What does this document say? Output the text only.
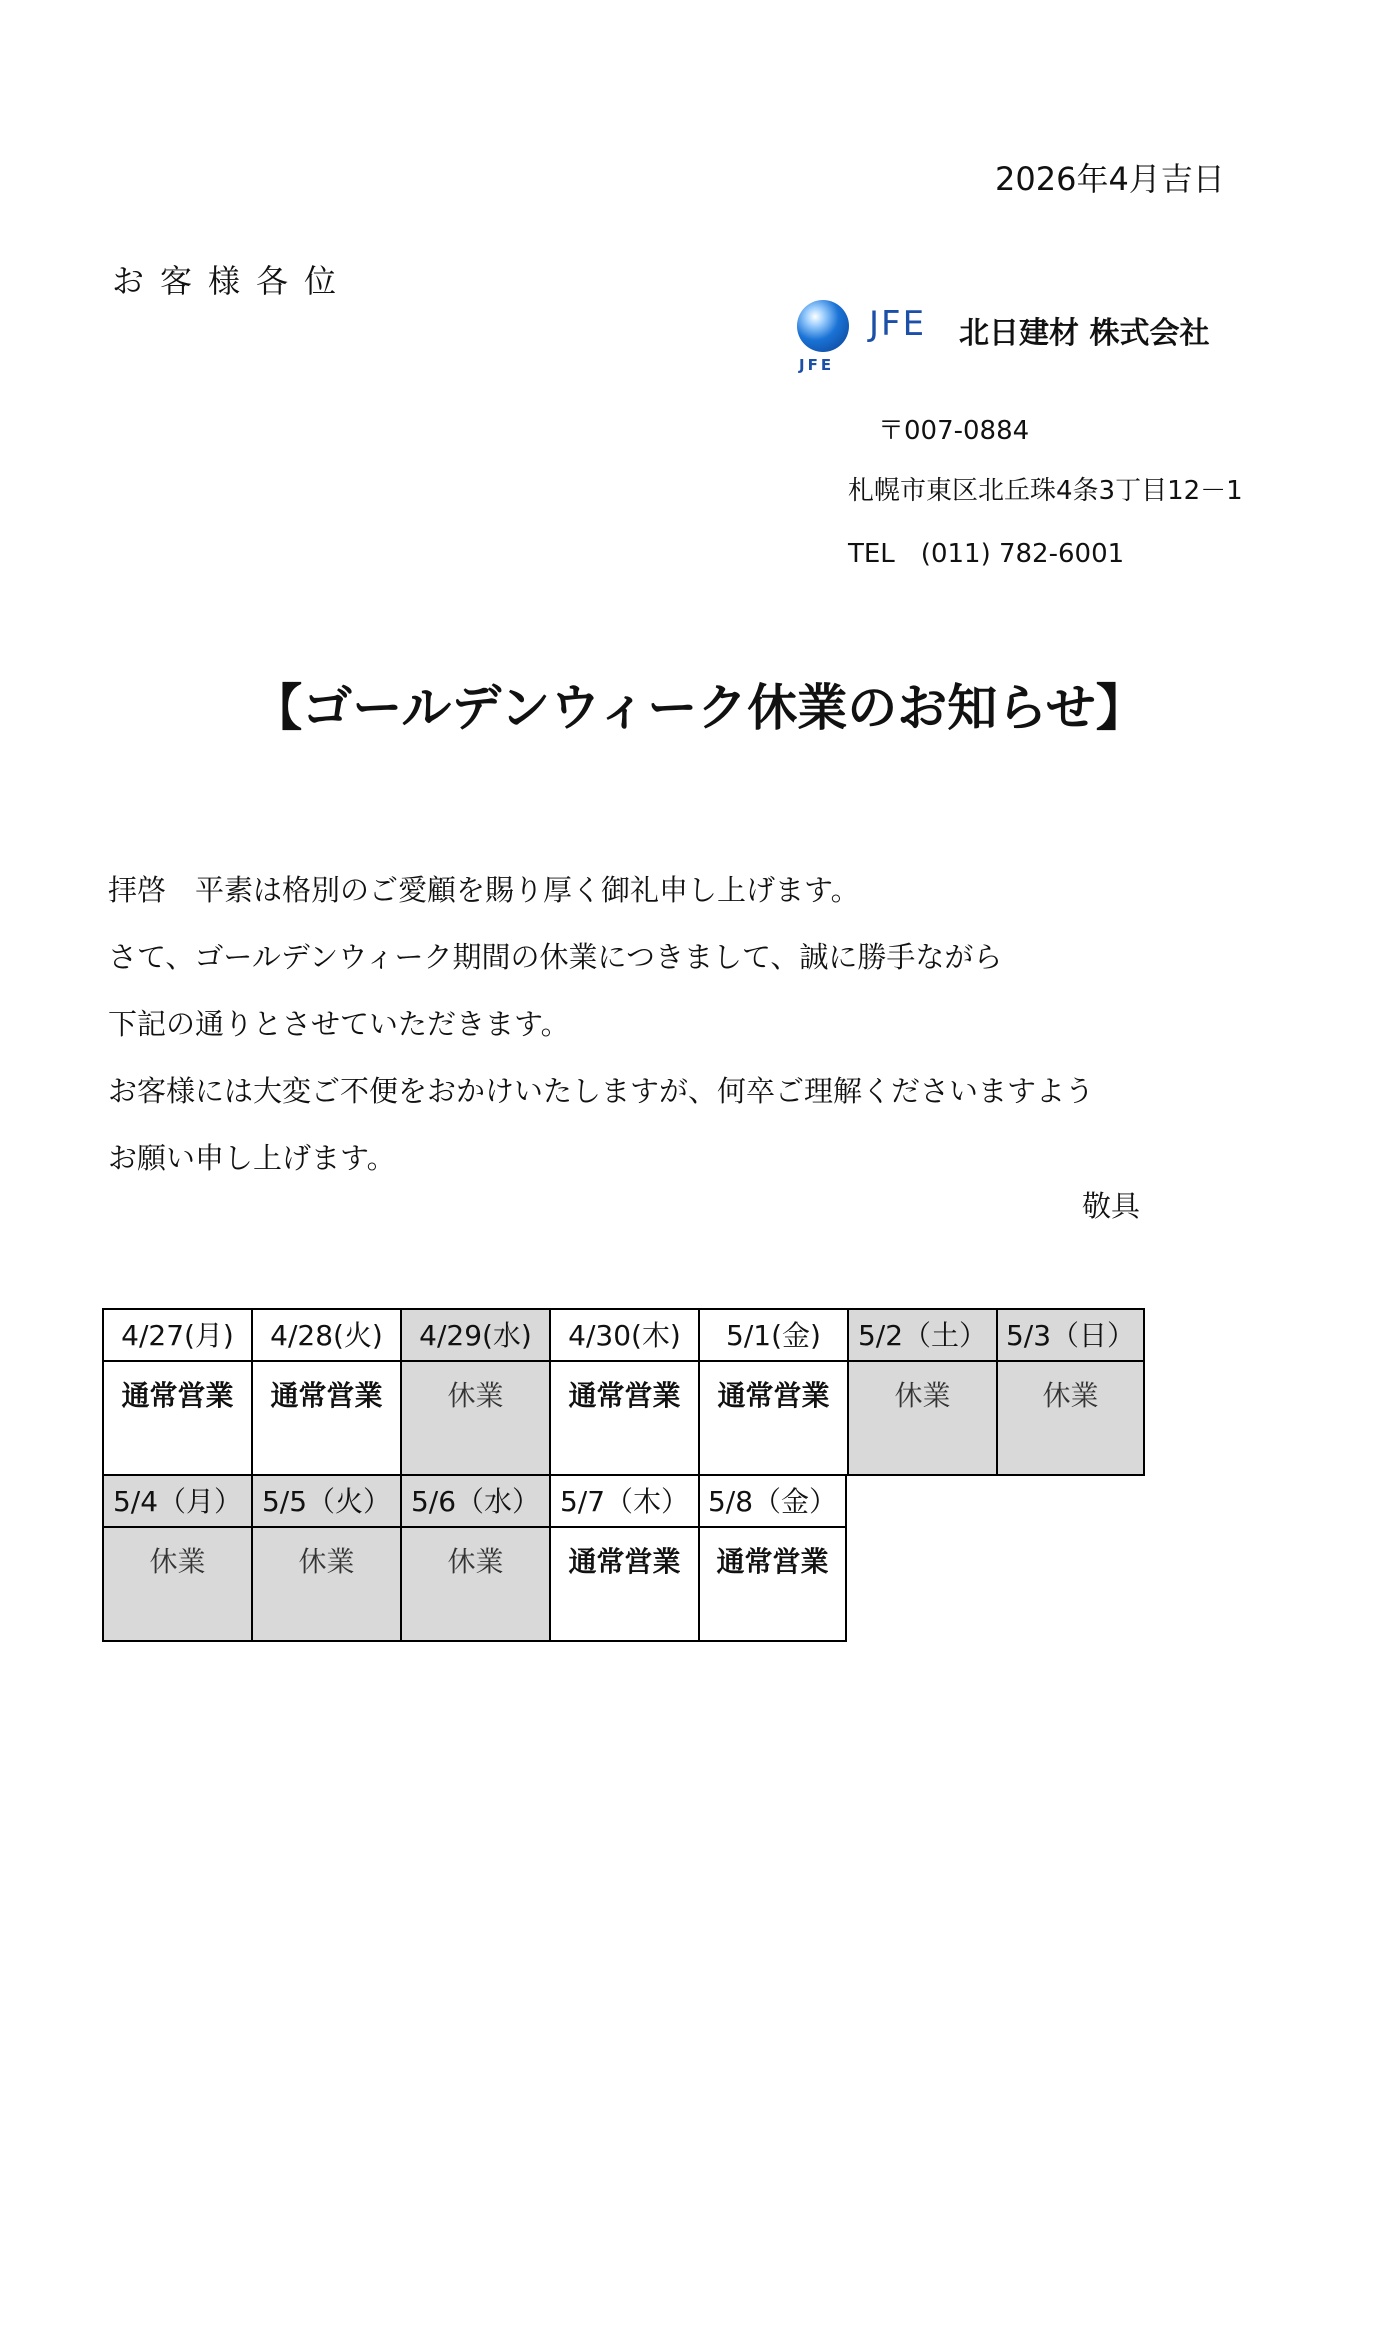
2026年4月吉日
お客様各位
JFE
JFE 北日建材 株式会社
〒007-0884
札幌市東区北丘珠4条3丁目12－1
TEL　(011) 782-6001
【ゴールデンウィーク休業のお知らせ】
拝啓　平素は格別のご愛顧を賜り厚く御礼申し上げます。
さて、ゴールデンウィーク期間の休業につきまして、誠に勝手ながら
下記の通りとさせていただきます。
お客様には大変ご不便をおかけいたしますが、何卒ご理解くださいますよう
お願い申し上げます。
敬具
4/27(月)
通常営業
4/28(火)
通常営業
4/29(水)
休業
4/30(木)
通常営業
5/1(金)
通常営業
5/2（土）
休業
5/3（日）
休業
5/4（月）
休業
5/5（火）
休業
5/6（水）
休業
5/7（木）
通常営業
5/8（金）
通常営業
